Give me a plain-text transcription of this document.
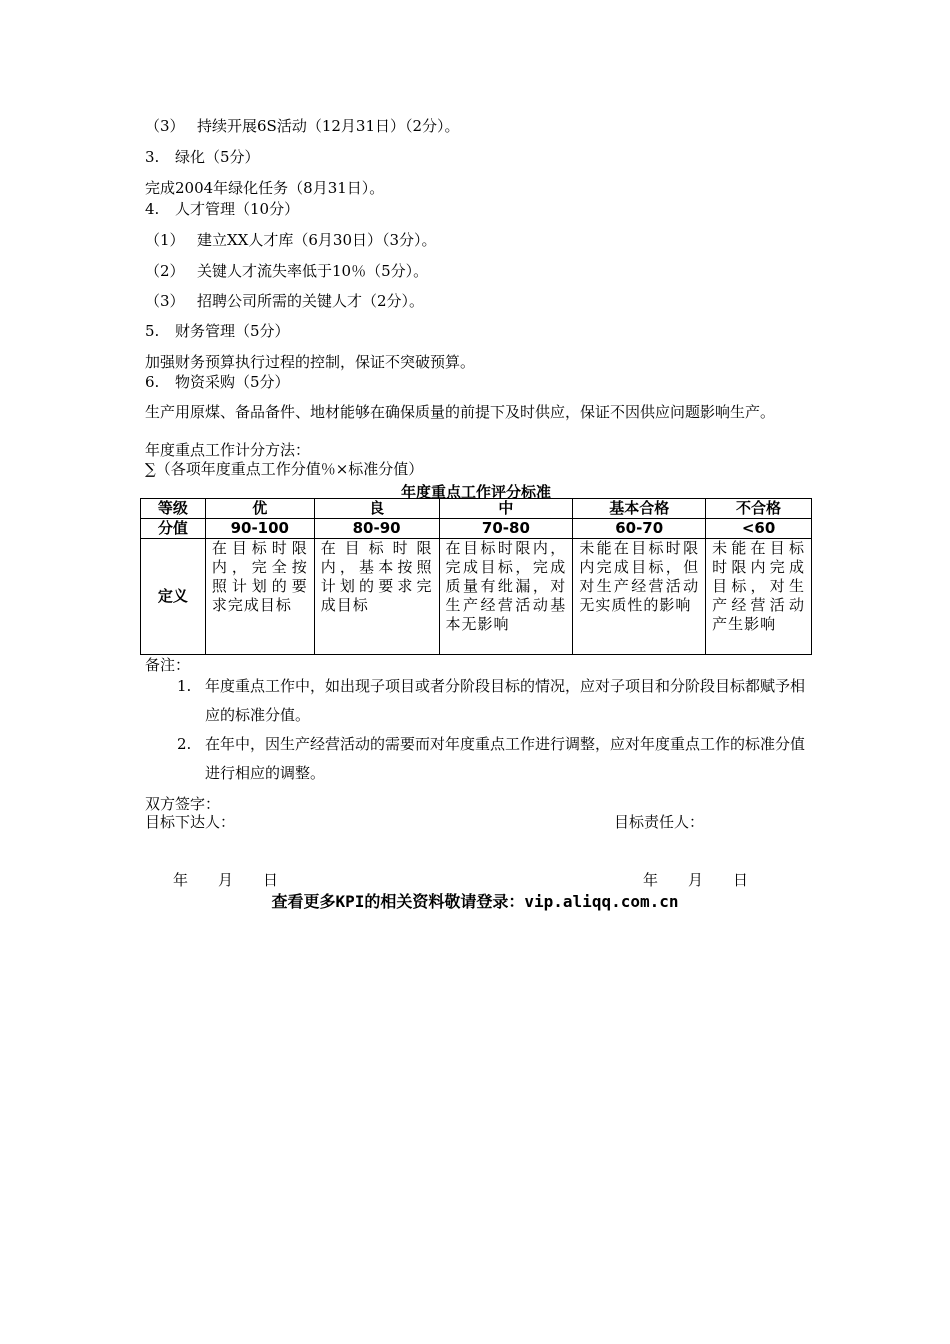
（3） 持续开展6S活动（12月31日）（2分）。
3. 绿化（5分）
完成2004年绿化任务（8月31日）。
4. 人才管理（10分）
（1） 建立XX人才库（6月30日）（3分）。
（2） 关键人才流失率低于10％（5分）。
（3） 招聘公司所需的关键人才（2分）。
5. 财务管理（5分）
加强财务预算执行过程的控制，保证不突破预算。
6. 物资采购（5分）
生产用原煤、备品备件、地材能够在确保质量的前提下及时供应，保证不因供应问题影响生产。
年度重点工作计分方法：
∑（各项年度重点工作分值％×标准分值）
年度重点工作评分标准
等级	优	良	中	基本合格	不合格
分值	90-100	80-90	70-80	60-70	<60
定义	在目标时限内，完全按照计划的要求完成目标	在目标时限内，基本按照计划的要求完成目标	在目标时限内，完成目标，完成质量有纰漏，对生产经营活动基本无影响	未能在目标时限内完成目标，但对生产经营活动无实质性的影响	未能在目标时限内完成目标，对生产经营活动产生影响
备注：
1. 年度重点工作中，如出现子项目或者分阶段目标的情况，应对子项目和分阶段目标都赋予相应的标准分值。
2. 在年中，因生产经营活动的需要而对年度重点工作进行调整，应对年度重点工作的标准分值进行相应的调整。
双方签字：
目标下达人：	目标责任人：
年　　月　　日	年　　月　　日
查看更多KPI的相关资料敬请登录：vip.aliqq.com.cn
